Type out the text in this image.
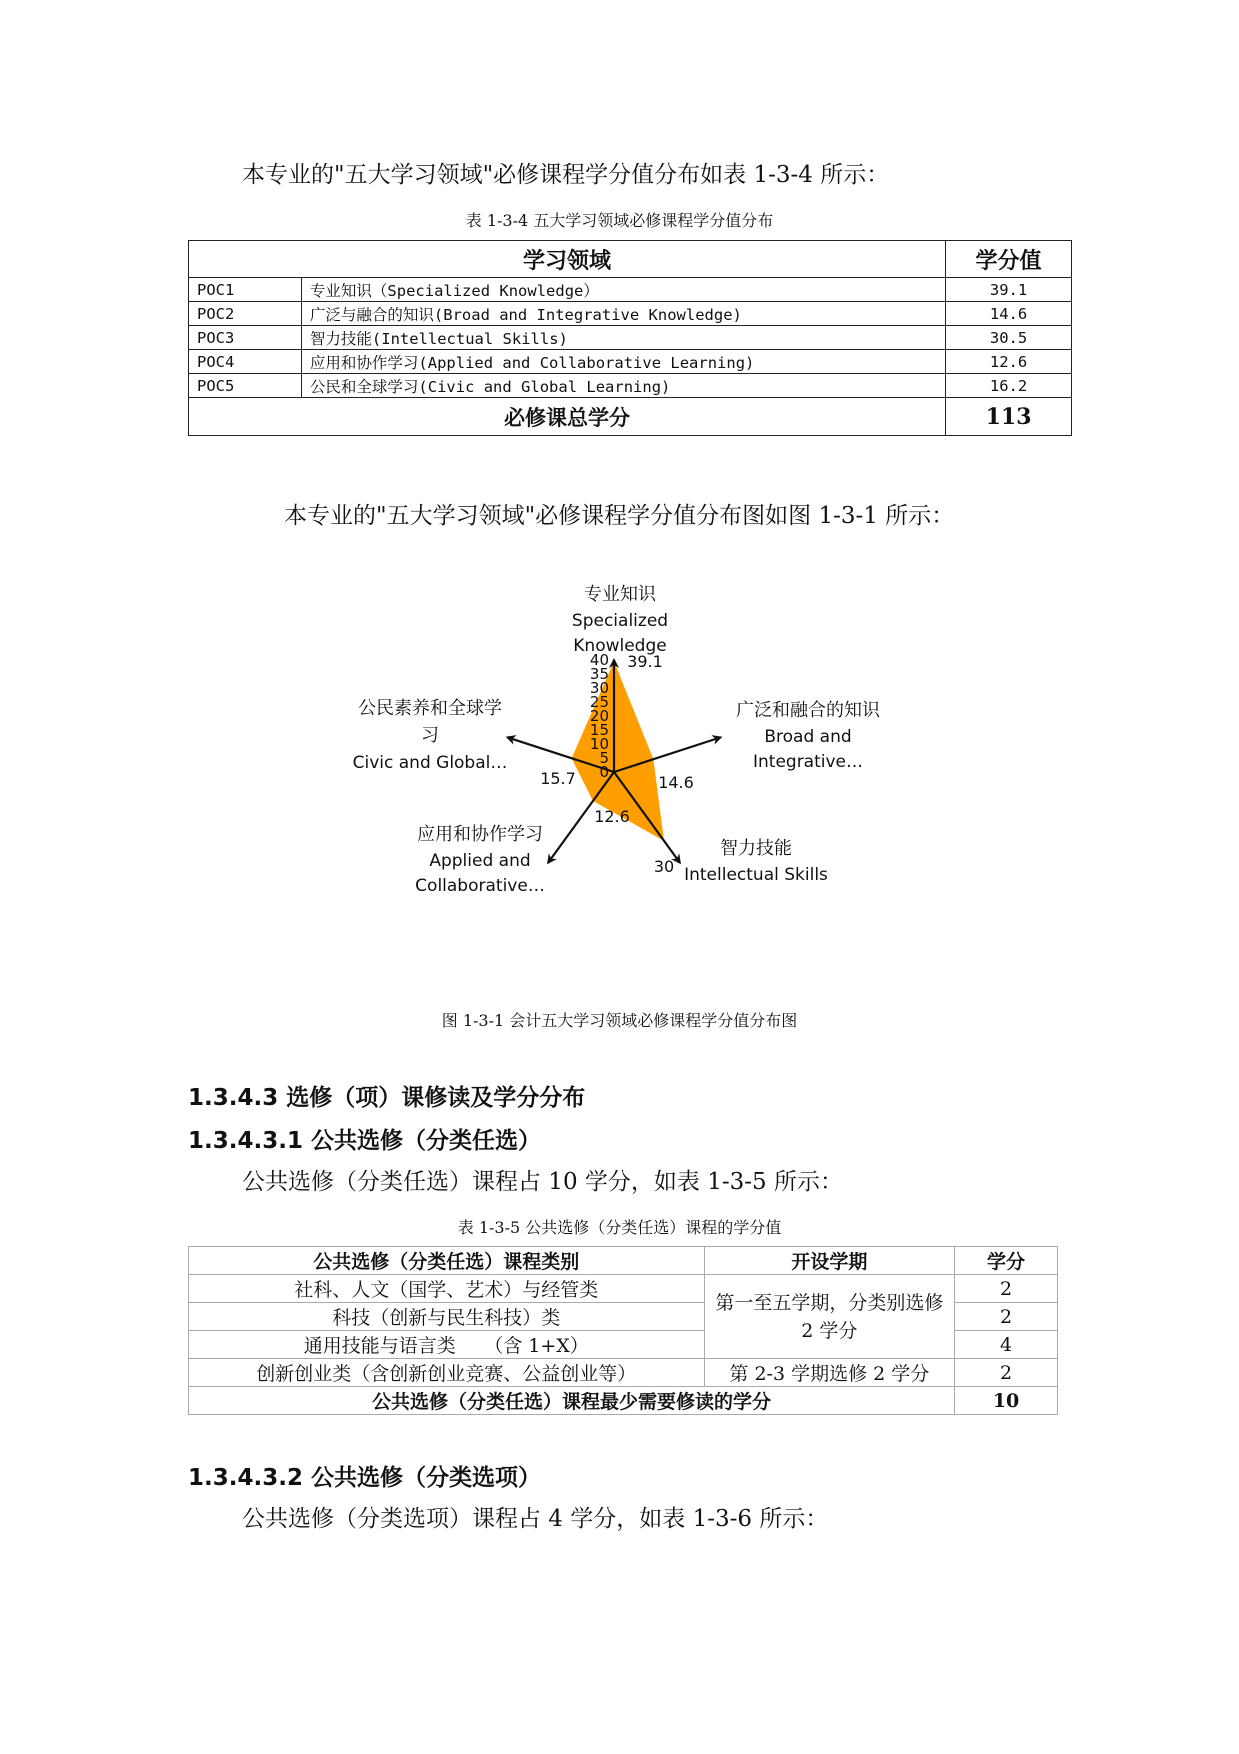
本专业的"五大学习领域"必修课程学分值分布如表 1-3-4 所示：
表 1-3-4 五大学习领域必修课程学分值分布
学习领域		学分值
POC1	专业知识（Specialized Knowledge）	39.1
POC2	广泛与融合的知识(Broad and Integrative Knowledge)	14.6
POC3	智力技能(Intellectual Skills)	30.5
POC4	应用和协作学习(Applied and Collaborative Learning)	12.6
POC5	公民和全球学习(Civic and Global Learning)	16.2
必修课总学分		113
本专业的"五大学习领域"必修课程学分值分布图如图 1-3-1 所示：
0
5
10
15
20
25
30
35
40
专业知识
Specialized
Knowledge
广泛和融合的知识
Broad and
Integrative…
智力技能
Intellectual Skills
应用和协作学习
Applied and
Collaborative…
公民素养和全球学
习
Civic and Global…
39.1
14.6
30
12.6
15.7
图 1-3-1 会计五大学习领域必修课程学分值分布图
1.3.4.3 选修（项）课修读及学分分布
1.3.4.3.1 公共选修（分类任选）
公共选修（分类任选）课程占 10 学分，如表 1-3-5 所示：
表 1-3-5 公共选修（分类任选）课程的学分值
公共选修（分类任选）课程类别	开设学期	学分
社科、人文（国学、艺术）与经管类	第一至五学期，分类别选修 2 学分	2
科技（创新与民生科技）类		2
通用技能与语言类　　（含 1+X）		4
创新创业类（含创新创业竞赛、公益创业等）	第 2-3 学期选修 2 学分	2
公共选修（分类任选）课程最少需要修读的学分		10
1.3.4.3.2 公共选修（分类选项）
公共选修（分类选项）课程占 4 学分，如表 1-3-6 所示：
